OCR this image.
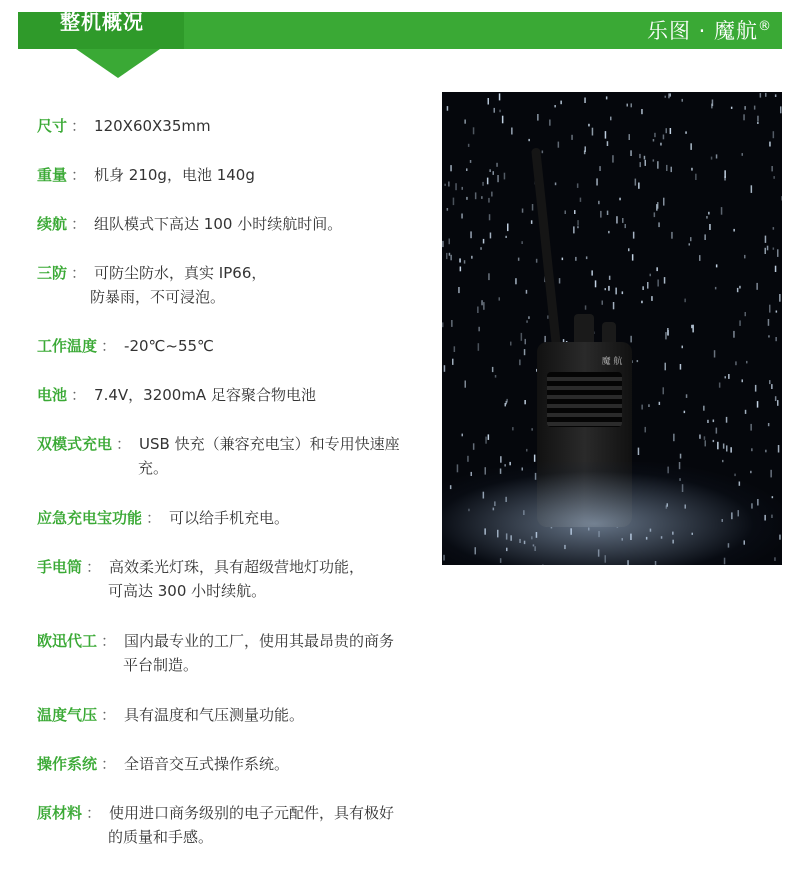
整机概况	乐图 · 魔航®
尺寸 ： 120X60X35mm
重量 ： 机身 210g，电池 140g
续航 ： 组队模式下高达 100 小时续航时间。
三防 ： 可防尘防水，真实 IP66，
防暴雨，不可浸泡。
工作温度 ： -20℃~55℃
电池 ： 7.4V，3200mA 足容聚合物电池
双模式充电 ： USB 快充（兼容充电宝）和专用快速座
充。
应急充电宝功能 ： 可以给手机充电。
手电筒 ： 高效柔光灯珠，具有超级营地灯功能，
可高达 300 小时续航。
欧迅代工 ： 国内最专业的工厂，使用其最昂贵的商务
平台制造。
温度气压 ： 具有温度和气压测量功能。
操作系统 ： 全语音交互式操作系统。
原材料 ： 使用进口商务级别的电子元配件，具有极好
的质量和手感。
魔 航
